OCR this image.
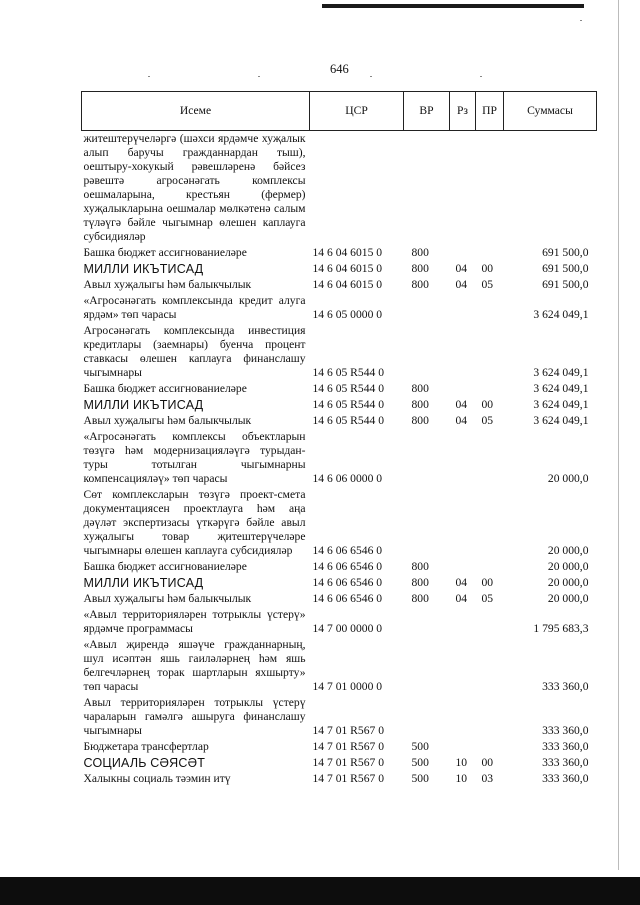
646
Исеме	ЦСР	ВР	Рз	ПР	Суммасы
житештерүчеләргә (шәхси ярдәмче хуҗалык алып баручы гражданнардан тыш), оештыру-хокукый рәвешләренә бәйсез рәвештә агросәнәгать комплексы оешмаларына, крестьян (фермер) хуҗалыкларына оешмалар мөлкәтенә салым түләүгә бәйле чыгымнар өлешен каплауга субсидияләр					
Башка бюджет ассигнованиеләре	14 6 04 6015 0	800			691 500,0
МИЛЛИ ИКЪТИСАД	14 6 04 6015 0	800	04	00	691 500,0
Авыл хуҗалыгы һәм балыкчылык	14 6 04 6015 0	800	04	05	691 500,0
«Агросәнәгать комплексында кредит алуга ярдәм» төп чарасы	14 6 05 0000 0				3 624 049,1
Агросәнәгать комплексында инвестиция кредитлары (заемнары) буенча процент ставкасы өлешен каплауга финанслашу чыгымнары	14 6 05 R544 0				3 624 049,1
Башка бюджет ассигнованиеләре	14 6 05 R544 0	800			3 624 049,1
МИЛЛИ ИКЪТИСАД	14 6 05 R544 0	800	04	00	3 624 049,1
Авыл хуҗалыгы һәм балыкчылык	14 6 05 R544 0	800	04	05	3 624 049,1
«Агросәнәгать комплексы объектларын төзүгә һәм модернизацияләүгә турыдан-туры тотылган чыгымнарны компенсацияләү» төп чарасы	14 6 06 0000 0				20 000,0
Сөт комплексларын төзүгә проект-смета документациясен проектлауга һәм аңа дәүләт экспертизасы үткәрүгә бәйле авыл хуҗалыгы товар җитештерүчеләре чыгымнары өлешен каплауга субсидияләр	14 6 06 6546 0				20 000,0
Башка бюджет ассигнованиеләре	14 6 06 6546 0	800			20 000,0
МИЛЛИ ИКЪТИСАД	14 6 06 6546 0	800	04	00	20 000,0
Авыл хуҗалыгы һәм балыкчылык	14 6 06 6546 0	800	04	05	20 000,0
«Авыл территорияләрен тотрыклы үстерү» ярдәмче программасы	14 7 00 0000 0				1 795 683,3
«Авыл җирендә яшәүче гражданнарның, шул исәптән яшь гаиләләрнең һәм яшь белгечләрнең торак шартларын яхшырту» төп чарасы	14 7 01 0000 0				333 360,0
Авыл территорияләрен тотрыклы үстерү чараларын гамәлгә ашыруга финанслашу чыгымнары	14 7 01 R567 0				333 360,0
Бюджетара трансфертлар	14 7 01 R567 0	500			333 360,0
СОЦИАЛЬ СӘЯСӘТ	14 7 01 R567 0	500	10	00	333 360,0
Халыкны социаль тәэмин итү	14 7 01 R567 0	500	10	03	333 360,0
